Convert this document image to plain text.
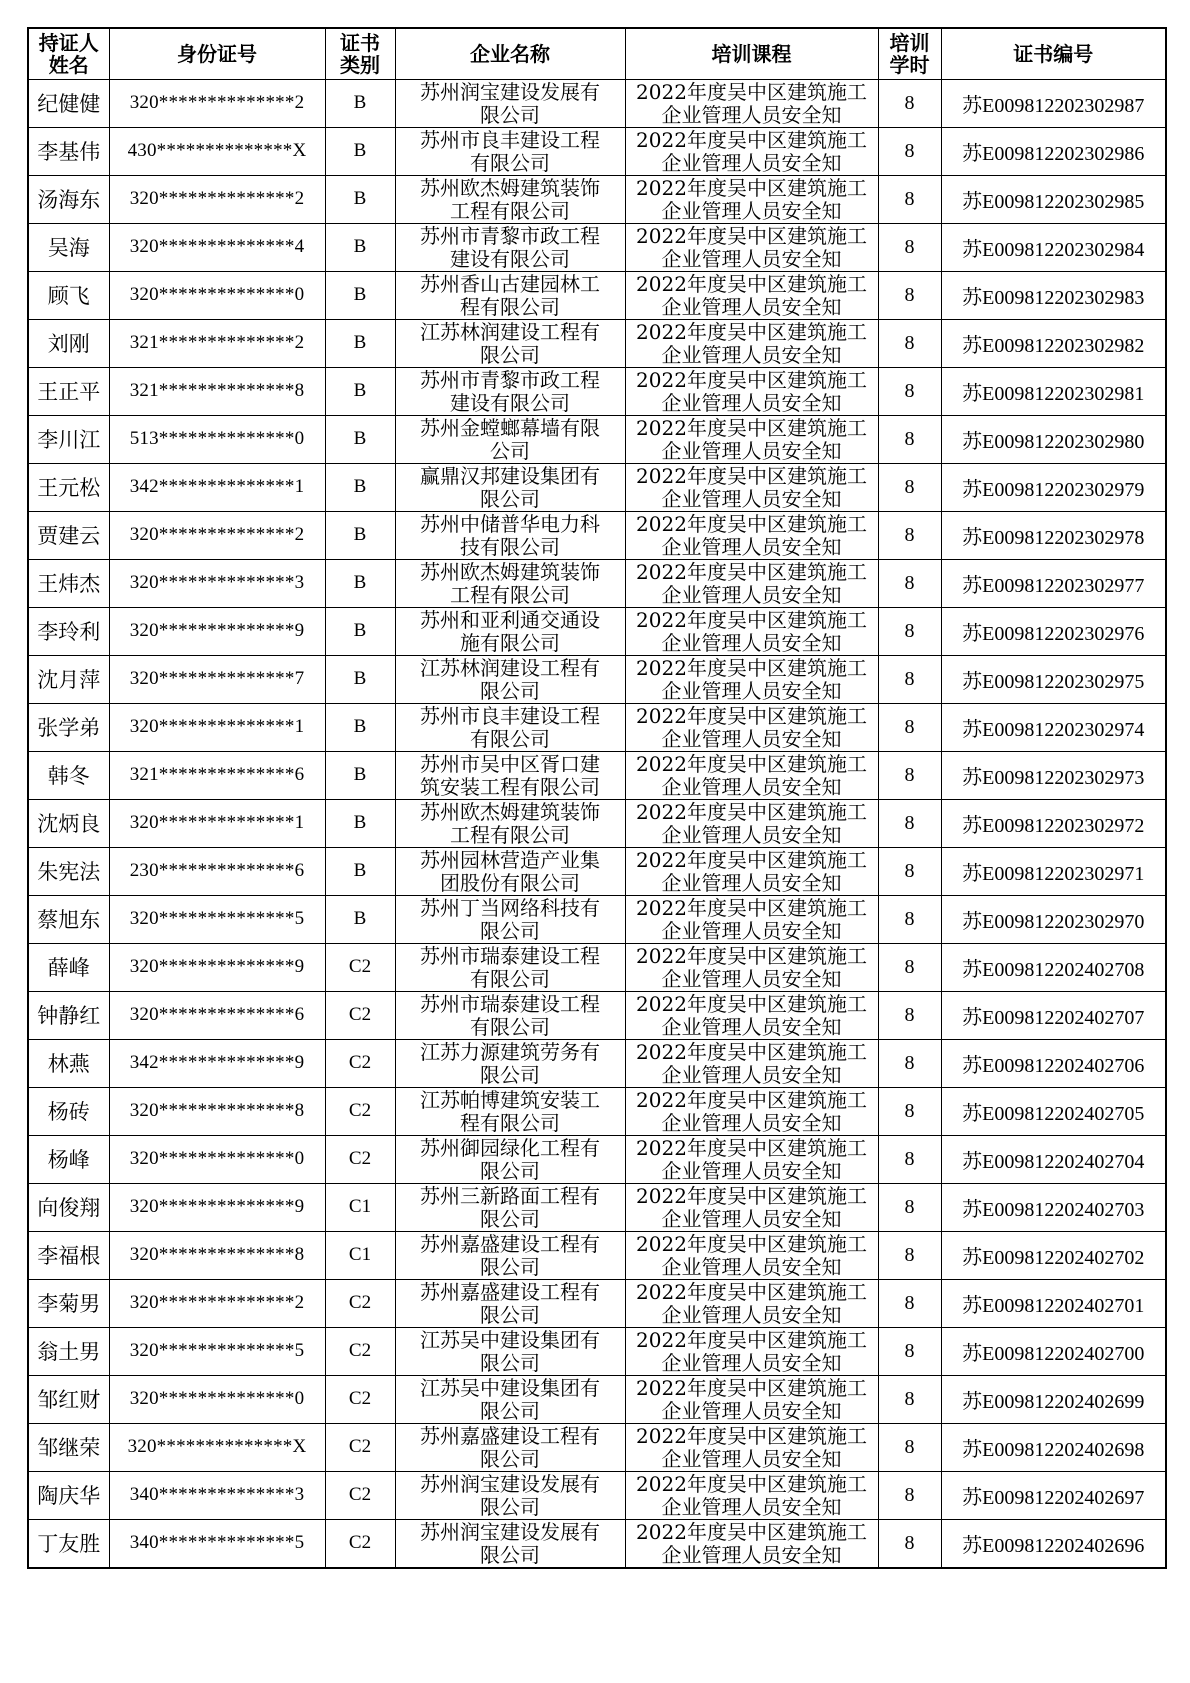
持证人姓名	身份证号	证书类别	企业名称	培训课程	培训学时	证书编号

纪健健	320**************2	B	苏州润宝建设发展有限公司	2022年度吴中区建筑施工企业管理人员安全知	8	苏E009812202302987

李基伟	430**************X	B	苏州市良丰建设工程有限公司	2022年度吴中区建筑施工企业管理人员安全知	8	苏E009812202302986

汤海东	320**************2	B	苏州欧杰姆建筑装饰工程有限公司	2022年度吴中区建筑施工企业管理人员安全知	8	苏E009812202302985

吴海	320**************4	B	苏州市青黎市政工程建设有限公司	2022年度吴中区建筑施工企业管理人员安全知	8	苏E009812202302984

顾飞	320**************0	B	苏州香山古建园林工程有限公司	2022年度吴中区建筑施工企业管理人员安全知	8	苏E009812202302983

刘刚	321**************2	B	江苏林润建设工程有限公司	2022年度吴中区建筑施工企业管理人员安全知	8	苏E009812202302982

王正平	321**************8	B	苏州市青黎市政工程建设有限公司	2022年度吴中区建筑施工企业管理人员安全知	8	苏E009812202302981

李川江	513**************0	B	苏州金螳螂幕墙有限公司	2022年度吴中区建筑施工企业管理人员安全知	8	苏E009812202302980

王元松	342**************1	B	赢鼎汉邦建设集团有限公司	2022年度吴中区建筑施工企业管理人员安全知	8	苏E009812202302979

贾建云	320**************2	B	苏州中储普华电力科技有限公司	2022年度吴中区建筑施工企业管理人员安全知	8	苏E009812202302978

王炜杰	320**************3	B	苏州欧杰姆建筑装饰工程有限公司	2022年度吴中区建筑施工企业管理人员安全知	8	苏E009812202302977

李玲利	320**************9	B	苏州和亚利通交通设施有限公司	2022年度吴中区建筑施工企业管理人员安全知	8	苏E009812202302976

沈月萍	320**************7	B	江苏林润建设工程有限公司	2022年度吴中区建筑施工企业管理人员安全知	8	苏E009812202302975

张学弟	320**************1	B	苏州市良丰建设工程有限公司	2022年度吴中区建筑施工企业管理人员安全知	8	苏E009812202302974

韩冬	321**************6	B	苏州市吴中区胥口建筑安装工程有限公司	2022年度吴中区建筑施工企业管理人员安全知	8	苏E009812202302973

沈炳良	320**************1	B	苏州欧杰姆建筑装饰工程有限公司	2022年度吴中区建筑施工企业管理人员安全知	8	苏E009812202302972

朱宪法	230**************6	B	苏州园林营造产业集团股份有限公司	2022年度吴中区建筑施工企业管理人员安全知	8	苏E009812202302971

蔡旭东	320**************5	B	苏州丁当网络科技有限公司	2022年度吴中区建筑施工企业管理人员安全知	8	苏E009812202302970

薛峰	320**************9	C2	苏州市瑞泰建设工程有限公司	2022年度吴中区建筑施工企业管理人员安全知	8	苏E009812202402708

钟静红	320**************6	C2	苏州市瑞泰建设工程有限公司	2022年度吴中区建筑施工企业管理人员安全知	8	苏E009812202402707

林燕	342**************9	C2	江苏力源建筑劳务有限公司	2022年度吴中区建筑施工企业管理人员安全知	8	苏E009812202402706

杨砖	320**************8	C2	江苏帕博建筑安装工程有限公司	2022年度吴中区建筑施工企业管理人员安全知	8	苏E009812202402705

杨峰	320**************0	C2	苏州御园绿化工程有限公司	2022年度吴中区建筑施工企业管理人员安全知	8	苏E009812202402704

向俊翔	320**************9	C1	苏州三新路面工程有限公司	2022年度吴中区建筑施工企业管理人员安全知	8	苏E009812202402703

李福根	320**************8	C1	苏州嘉盛建设工程有限公司	2022年度吴中区建筑施工企业管理人员安全知	8	苏E009812202402702

李菊男	320**************2	C2	苏州嘉盛建设工程有限公司	2022年度吴中区建筑施工企业管理人员安全知	8	苏E009812202402701

翁土男	320**************5	C2	江苏吴中建设集团有限公司	2022年度吴中区建筑施工企业管理人员安全知	8	苏E009812202402700

邹红财	320**************0	C2	江苏吴中建设集团有限公司	2022年度吴中区建筑施工企业管理人员安全知	8	苏E009812202402699

邹继荣	320**************X	C2	苏州嘉盛建设工程有限公司	2022年度吴中区建筑施工企业管理人员安全知	8	苏E009812202402698

陶庆华	340**************3	C2	苏州润宝建设发展有限公司	2022年度吴中区建筑施工企业管理人员安全知	8	苏E009812202402697

丁友胜	340**************5	C2	苏州润宝建设发展有限公司	2022年度吴中区建筑施工企业管理人员安全知	8	苏E009812202402696
